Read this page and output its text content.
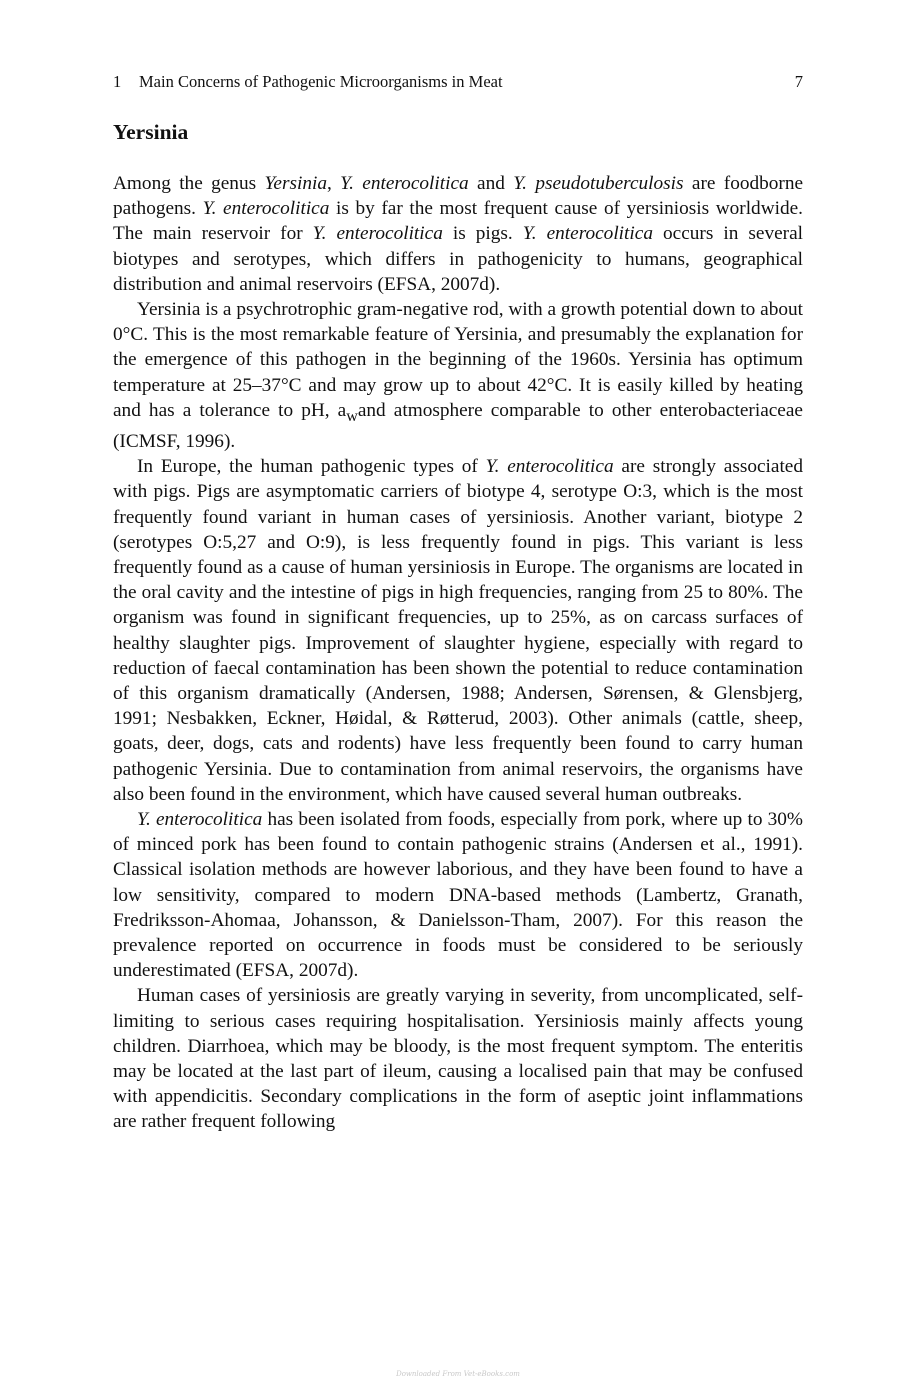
1 Main Concerns of Pathogenic Microorganisms in Meat	7
Yersinia

Among the genus Yersinia, Y. enterocolitica and Y. pseudotuberculosis are foodborne pathogens. Y. enterocolitica is by far the most frequent cause of yersiniosis worldwide. The main reservoir for Y. enterocolitica is pigs. Y. enterocolitica occurs in several biotypes and serotypes, which differs in pathogenicity to humans, geographical distribution and animal reservoirs (EFSA, 2007d).

Yersinia is a psychrotrophic gram-negative rod, with a growth potential down to about 0°C. This is the most remarkable feature of Yersinia, and presumably the explanation for the emergence of this pathogen in the beginning of the 1960s. Yersinia has optimum temperature at 25–37°C and may grow up to about 42°C. It is easily killed by heating and has a tolerance to pH, $a_wand$ atmosphere comparable to other enterobacteriaceae (ICMSF, 1996).

In Europe, the human pathogenic types of Y. enterocolitica are strongly associated with pigs. Pigs are asymptomatic carriers of biotype 4, serotype O:3, which is the most frequently found variant in human cases of yersiniosis. Another variant, biotype 2 (serotypes O:5,27 and O:9), is less frequently found in pigs. This variant is less frequently found as a cause of human yersiniosis in Europe. The organisms are located in the oral cavity and the intestine of pigs in high frequencies, ranging from 25 to 80%. The organism was found in significant frequencies, up to 25%, as on carcass surfaces of healthy slaughter pigs. Improvement of slaughter hygiene, especially with regard to reduction of faecal contamination has been shown the potential to reduce contamination of this organism dramatically (Andersen, 1988; Andersen, Sørensen, & Glensbjerg, 1991; Nesbakken, Eckner, Høidal, & Røtterud, 2003). Other animals (cattle, sheep, goats, deer, dogs, cats and rodents) have less frequently been found to carry human pathogenic Yersinia. Due to contamination from animal reservoirs, the organisms have also been found in the environment, which have caused several human outbreaks.

Y. enterocolitica has been isolated from foods, especially from pork, where up to 30% of minced pork has been found to contain pathogenic strains (Andersen et al., 1991). Classical isolation methods are however laborious, and they have been found to have a low sensitivity, compared to modern DNA-based methods (Lambertz, Granath, Fredriksson-Ahomaa, Johansson, & Danielsson-Tham, 2007). For this reason the prevalence reported on occurrence in foods must be considered to be seriously underestimated (EFSA, 2007d).

Human cases of yersiniosis are greatly varying in severity, from uncomplicated, self-limiting to serious cases requiring hospitalisation. Yersiniosis mainly affects young children. Diarrhoea, which may be bloody, is the most frequent symptom. The enteritis may be located at the last part of ileum, causing a localised pain that may be confused with appendicitis. Secondary complications in the form of aseptic joint inflammations are rather frequent following

Downloaded From Vet-eBooks.com
